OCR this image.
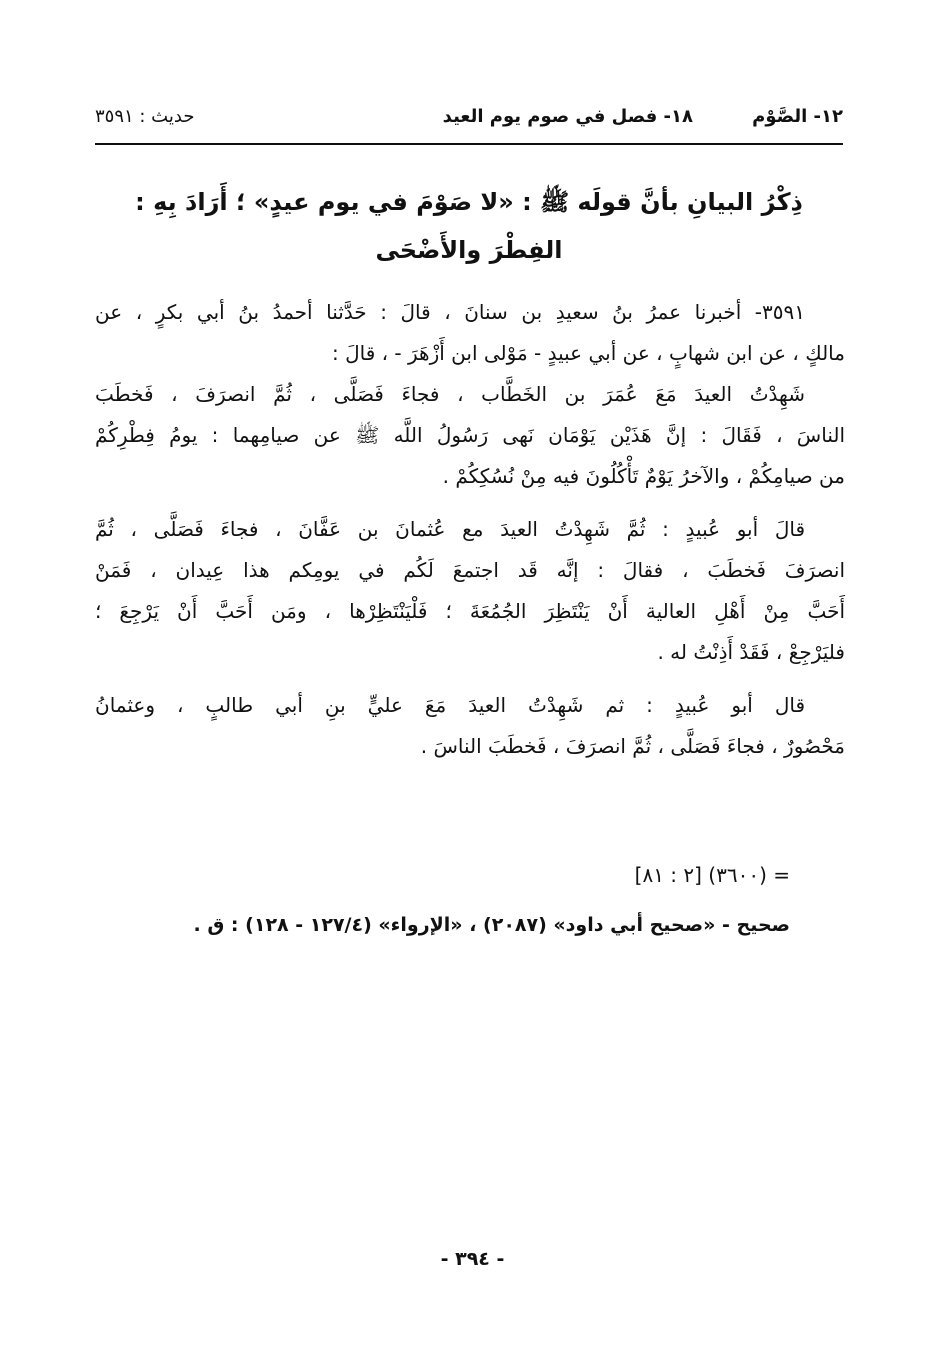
١٢- الصَّوْم
١٨- فصل في صوم يوم العيد
حديث : ٣٥٩١
ذِكْرُ البيانِ بأنَّ قولَه ﷺ : «لا صَوْمَ في يوم عيدٍ» ؛ أَرَادَ بِهِ :
الفِطْرَ والأَضْحَى
٣٥٩١- أخبرنا عمرُ بنُ سعيدِ بن سنانَ ، قالَ : حَدَّثنا أحمدُ بنُ أبي بكرٍ ، عن
مالكٍ ، عن ابن شهابٍ ، عن أبي عبيدٍ - مَوْلى ابن أَزْهَرَ - ، قالَ :
شَهِدْتُ العيدَ مَعَ عُمَرَ بن الخَطَّاب ، فجاءَ فَصَلَّى ، ثُمَّ انصرَفَ ، فَخطَبَ
الناسَ ، فَقَالَ : إنَّ هَذَيْن يَوْمَان نَهى رَسُولُ اللَّه ﷺ عن صيامِهما : يومُ فِطْرِكُمْ
من صيامِكُمْ ، والآخرُ يَوْمٌ تَأْكُلُونَ فيه مِنْ نُسُكِكُمْ .
قالَ أبو عُبيدٍ : ثُمَّ شَهِدْتُ العيدَ مع عُثمانَ بن عَفَّانَ ، فجاءَ فَصَلَّى ، ثُمَّ
انصرَفَ فَخطَبَ ، فقالَ : إنَّه قَد اجتمعَ لَكُم في يومِكم هذا عِيدان ، فَمَنْ
أَحَبَّ مِنْ أَهْلِ العالية أَنْ يَنْتَظِرَ الجُمُعَةَ ؛ فَلْيَنْتَظِرْها ، ومَن أَحَبَّ أَنْ يَرْجِعَ ؛
فليَرْجِعْ ، فَقَدْ أَذِنْتُ له .
قال أبو عُبيدٍ : ثم شَهِدْتُ العيدَ مَعَ عليٍّ بنِ أبي طالبٍ ، وعثمانُ
مَحْصُورٌ ، فجاءَ فَصَلَّى ، ثُمَّ انصرَفَ ، فَخطَبَ الناسَ .
= (٣٦٠٠) [٢ : ٨١]
صحيح - «صحيح أبي داود» (٢٠٨٧) ، «الإرواء» (١٢٧/٤ - ١٢٨) : ق .
- ٣٩٤ -
